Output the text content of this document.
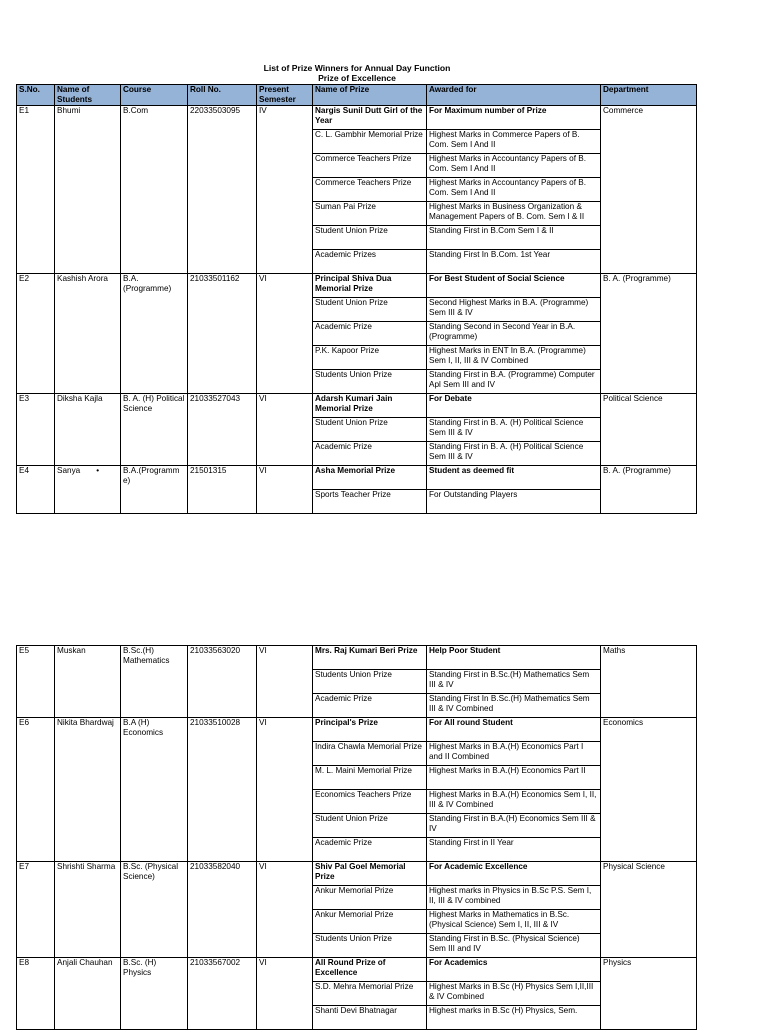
List of Prize Winners for Annual Day Function
Prize of Excellence
S.No.	Name of Students	Course	Roll No.	Present Semester	Name of Prize	Awarded for	Department
E1	Bhumi	B.Com	22033503095	IV	Nargis Sunil Dutt Girl of the Year	For Maximum number of Prize	Commerce
					C. L. Gambhir Memorial Prize	Highest Marks in Commerce Papers of B. Com. Sem I And II	
					Commerce Teachers Prize	Highest Marks in Accountancy Papers of B. Com. Sem I And II	
					Commerce Teachers Prize	Highest Marks in Accountancy Papers of B. Com. Sem I And II	
					Suman Pai Prize	Highest Marks in Business Organization & Management Papers of B. Com. Sem I & II	
					Student Union Prize	Standing First in B.Com Sem I & II	
					Academic Prizes	Standing First In B.Com. 1st Year	
E2	Kashish Arora	B.A. (Programme)	21033501162	VI	Principal Shiva Dua Memorial Prize	For Best Student of Social Science	B. A. (Programme)
					Student Union Prize	Second Highest Marks in B.A. (Programme) Sem III & IV	
					Academic Prize	Standing Second in Second Year in B.A. (Programme)	
					P.K. Kapoor Prize	Highest Marks in ENT In B.A. (Programme) Sem I, II, III & IV Combined	
					Students Union Prize	Standing First in B.A. (Programme) Computer Apl Sem III and IV	
E3	Diksha Kajla	B. A. (H) Political Science	21033527043	VI	Adarsh Kumari Jain Memorial Prize	For Debate	Political Science
					Student Union Prize	Standing First in B. A. (H) Political Science Sem III & IV	
					Academic Prize	Standing First in B. A. (H) Political Science Sem III & IV	
E4	Sanya •	B.A.(Programm e)	21501315	VI	Asha Memorial Prize	Student as deemed fit	B. A. (Programme)
					Sports Teacher Prize	For Outstanding Players	
E5	Muskan	B.Sc.(H) Mathematics	21033563020	VI	Mrs. Raj Kumari Beri Prize	Help Poor Student	Maths
					Students Union Prize	Standing First in B.Sc.(H) Mathematics Sem III & IV	
					Academic Prize	Standing First In B.Sc.(H) Mathematics Sem III & IV Combined	
E6	Nikita Bhardwaj	B.A (H) Economics	21033510028	VI	Principal's Prize	For All round Student	Economics
					Indira Chawla Memorial Prize	Highest Marks in B.A.(H) Economics Part I and II Combined	
					M. L. Maini Memorial Prize	Highest Marks in B.A.(H) Economics Part II	
					Economics Teachers Prize	Highest Marks in B.A.(H) Economics Sem I, II, III & IV Combined	
					Student Union Prize	Standing First in B.A.(H) Economics Sem III & IV	
					Academic Prize	Standing First in II Year	
E7	Shrishti Sharma	B.Sc. (Physical Science)	21033582040	VI	Shiv Pal Goel Memorial Prize	For Academic Excellence	Physical Science
					Ankur Memorial Prize	Highest marks in Physics in B.Sc P.S. Sem I, II, III & IV combined	
					Ankur Memorial Prize	Highest Marks in Mathematics in B.Sc. (Physical Science) Sem I, II, III & IV	
					Students Union Prize	Standing First in B.Sc. (Physical Science) Sem III and IV	
E8	Anjali Chauhan	B.Sc. (H) Physics	21033567002	VI	All Round Prize of Excellence	For Academics	Physics
					S.D. Mehra Memorial Prize	Highest Marks in B.Sc (H) Physics Sem I,II,III & IV Combined	
					Shanti Devi Bhatnagar	Highest marks in B.Sc (H) Physics, Sem.	
